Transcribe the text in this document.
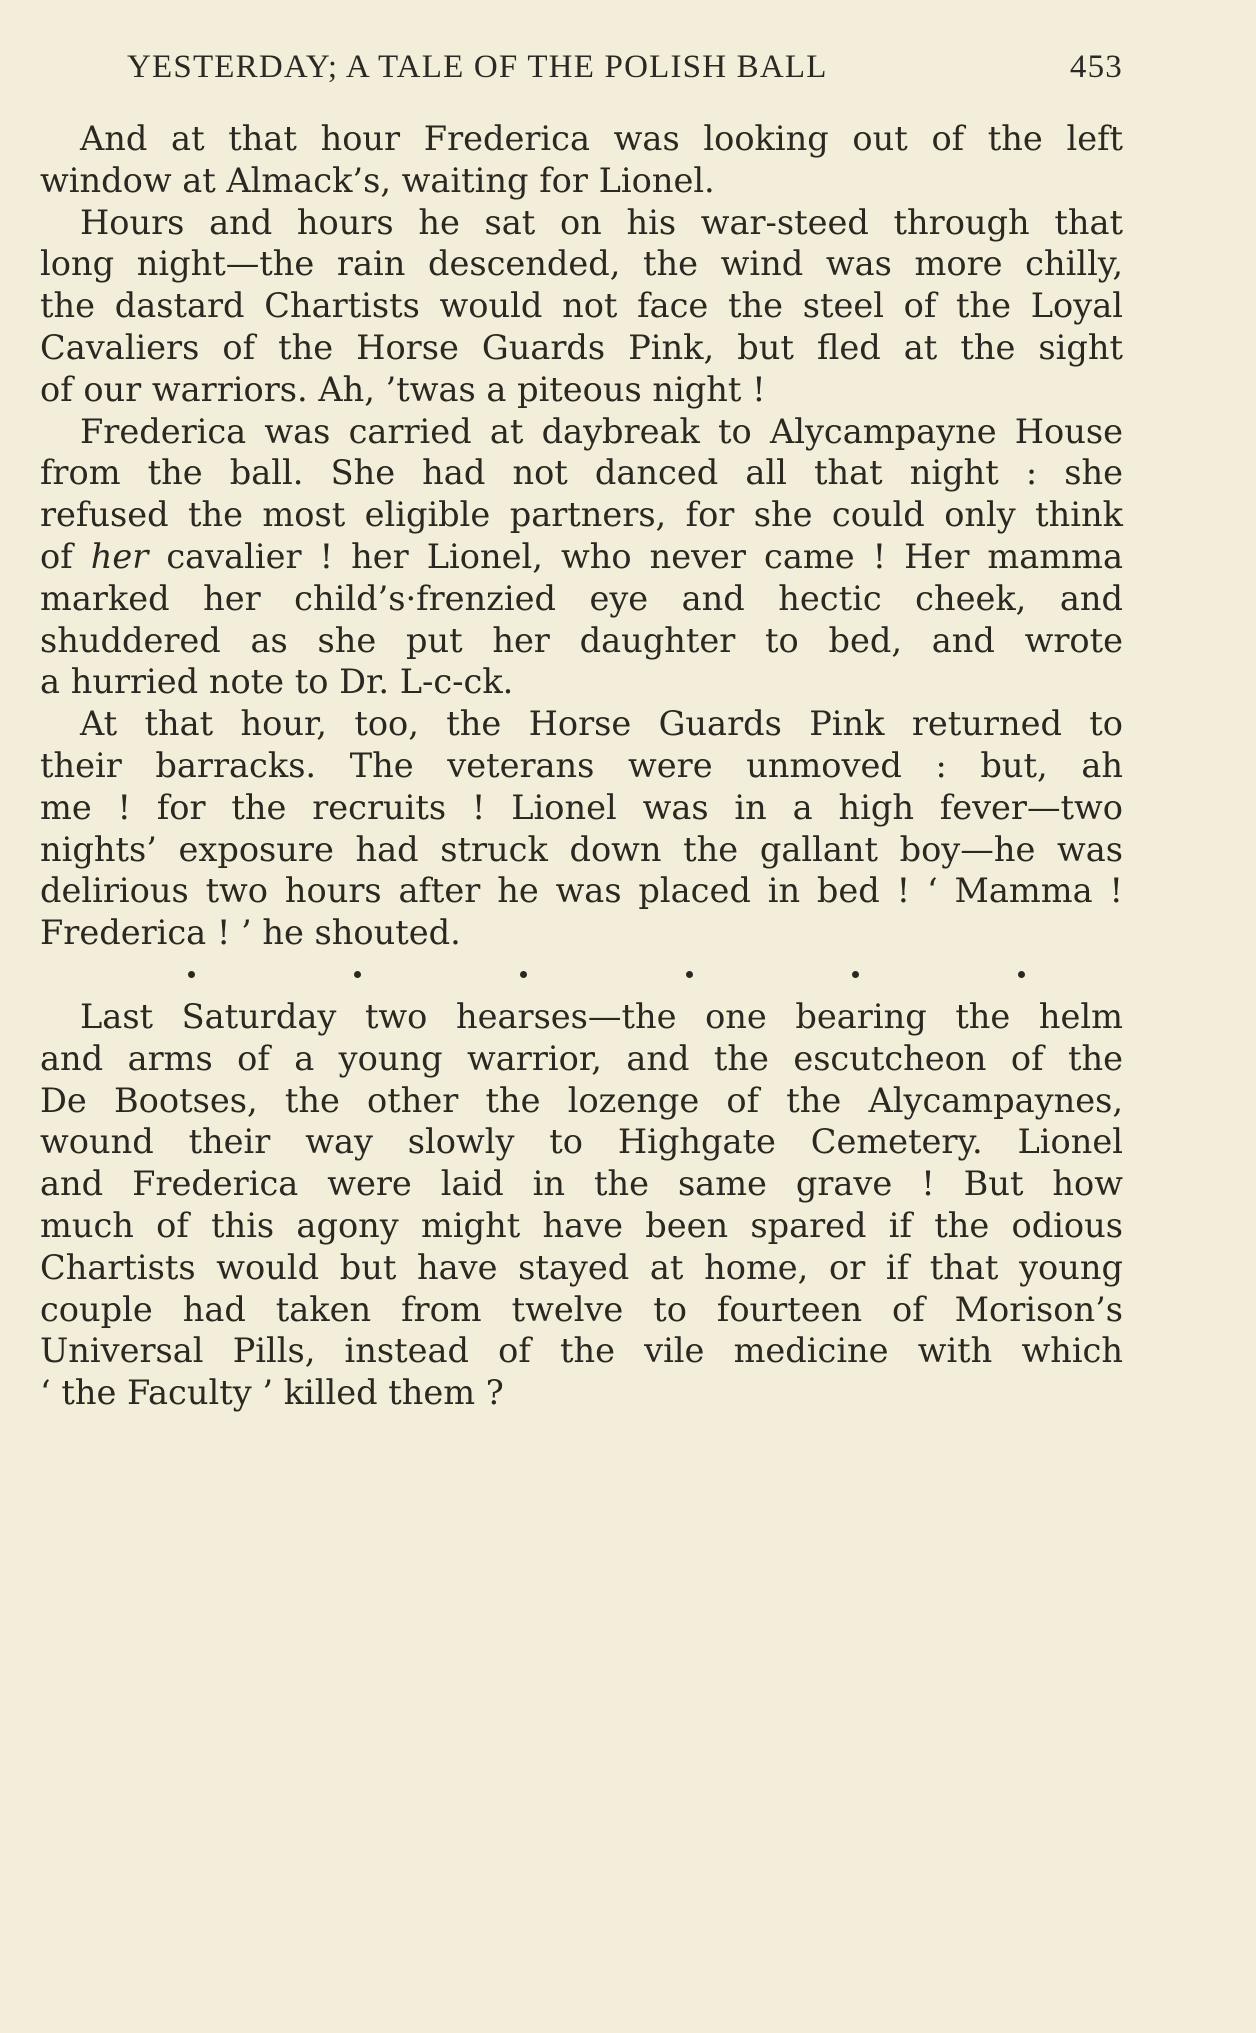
YESTERDAY; A TALE OF THE POLISH BALL	453

And at that hour Frederica was looking out of the left
window at Almack’s, waiting for Lionel.

Hours and hours he sat on his war-steed through that
long night—the rain descended, the wind was more chilly,
the dastard Chartists would not face the steel of the Loyal
Cavaliers of the Horse Guards Pink, but fled at the sight
of our warriors. Ah, ’twas a piteous night !

Frederica was carried at daybreak to Alycampayne House
from the ball. She had not danced all that night : she
refused the most eligible partners, for she could only think
of her cavalier ! her Lionel, who never came ! Her mamma
marked her child’s·frenzied eye and hectic cheek, and
shuddered as she put her daughter to bed, and wrote
a hurried note to Dr. L-c-ck.

At that hour, too, the Horse Guards Pink returned to
their barracks. The veterans were unmoved : but, ah
me ! for the recruits ! Lionel was in a high fever—two
nights’ exposure had struck down the gallant boy—he was
delirious two hours after he was placed in bed ! ‘ Mamma !
Frederica ! ’ he shouted.

Last Saturday two hearses—the one bearing the helm
and arms of a young warrior, and the escutcheon of the
De Bootses, the other the lozenge of the Alycampaynes,
wound their way slowly to Highgate Cemetery. Lionel
and Frederica were laid in the same grave ! But how
much of this agony might have been spared if the odious
Chartists would but have stayed at home, or if that young
couple had taken from twelve to fourteen of Morison’s
Universal Pills, instead of the vile medicine with which
‘ the Faculty ’ killed them ?
